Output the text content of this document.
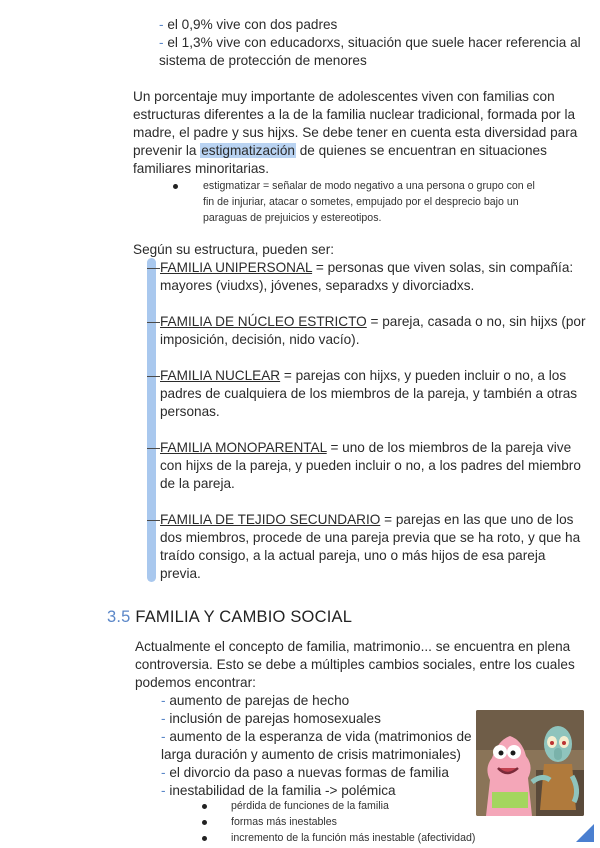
- el 0,9% vive con dos padres
- el 1,3% vive con educadorxs, situación que suele hacer referencia al
sistema de protección de menores
Un porcentaje muy importante de adolescentes viven con familias con
estructuras diferentes a la de la familia nuclear tradicional, formada por la
madre, el padre y sus hijxs. Se debe tener en cuenta esta diversidad para
prevenir la estigmatización de quienes se encuentran en situaciones
familiares minoritarias.
estigmatizar = señalar de modo negativo a una persona o grupo con el
fin de injuriar, atacar o sometes, empujado por el desprecio bajo un
paraguas de prejuicios y estereotipos.
Según su estructura, pueden ser:
FAMILIA UNIPERSONAL = personas que viven solas, sin compañía:
mayores (viudxs), jóvenes, separadxs y divorciadxs.
FAMILIA DE NÚCLEO ESTRICTO = pareja, casada o no, sin hijxs (por
imposición, decisión, nido vacío).
FAMILIA NUCLEAR = parejas con hijxs, y pueden incluir o no, a los
padres de cualquiera de los miembros de la pareja, y también a otras
personas.
FAMILIA MONOPARENTAL = uno de los miembros de la pareja vive
con hijxs de la pareja, y pueden incluir o no, a los padres del miembro
de la pareja.
FAMILIA DE TEJIDO SECUNDARIO = parejas en las que uno de los
dos miembros, procede de una pareja previa que se ha roto, y que ha
traído consigo, a la actual pareja, uno o más hijos de esa pareja
previa.
3.5 FAMILIA Y CAMBIO SOCIAL
Actualmente el concepto de familia, matrimonio... se encuentra en plena
controversia. Esto se debe a múltiples cambios sociales, entre los cuales
podemos encontrar:
- aumento de parejas de hecho
- inclusión de parejas homosexuales
- aumento de la esperanza de vida (matrimonios de
larga duración y aumento de crisis matrimoniales)
- el divorcio da paso a nuevas formas de familia
- inestabilidad de la familia -> polémica
pérdida de funciones de la familia
formas más inestables
incremento de la función más inestable (afectividad)
